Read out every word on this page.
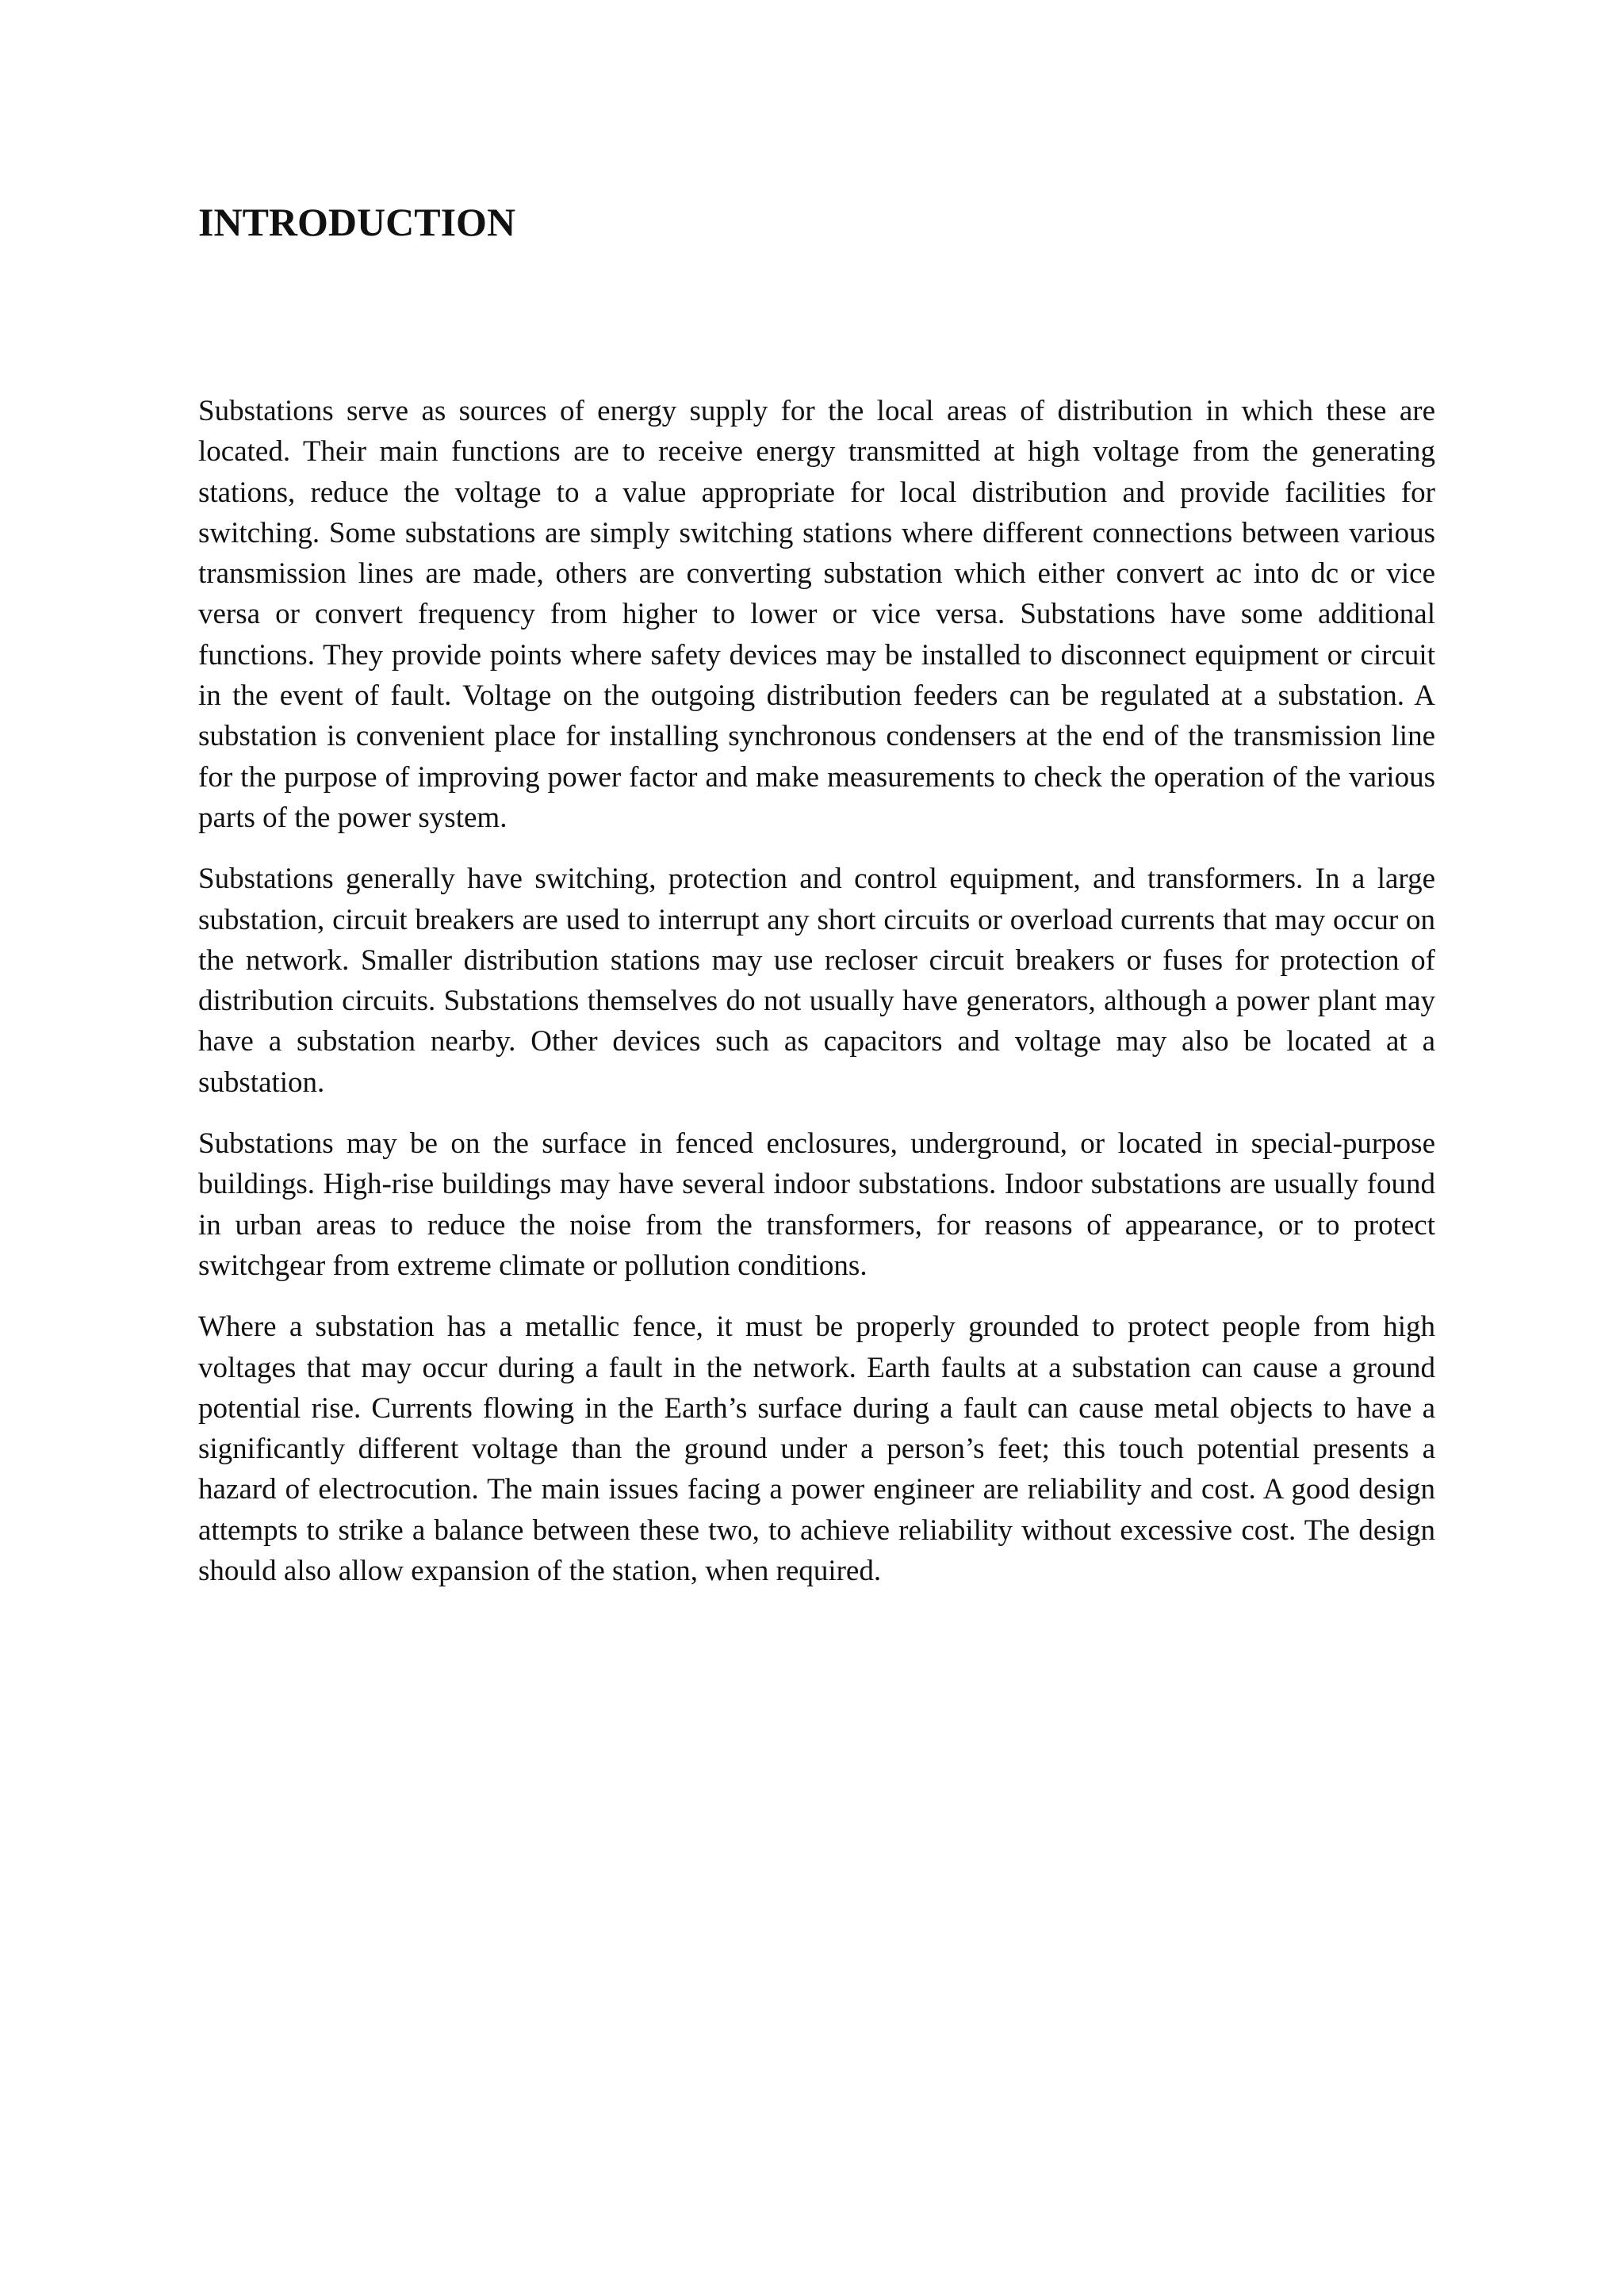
INTRODUCTION

Substations serve as sources of energy supply for the local areas of distribution in which these are located. Their main functions are to receive energy transmitted at high voltage from the generating stations, reduce the voltage to a value appropriate for local distribution and provide facilities for switching. Some substations are simply switching stations where different connections between various transmission lines are made, others are converting substation which either convert ac into dc or vice versa or convert frequency from higher to lower or vice versa. Substations have some additional functions. They provide points where safety devices may be installed to disconnect equipment or circuit in the event of fault. Voltage on the outgoing distribution feeders can be regulated at a substation. A substation is convenient place for installing synchronous condensers at the end of the transmission line for the purpose of improving power factor and make measurements to check the operation of the various parts of the power system.

Substations generally have switching, protection and control equipment, and transformers. In a large substation, circuit breakers are used to interrupt any short circuits or overload currents that may occur on the network. Smaller distribution stations may use recloser circuit breakers or fuses for protection of distribution circuits. Substations themselves do not usually have generators, although a power plant may have a substation nearby. Other devices such as capacitors and voltage may also be located at a substation.

Substations may be on the surface in fenced enclosures, underground, or located in special-purpose buildings. High-rise buildings may have several indoor substations. Indoor substations are usually found in urban areas to reduce the noise from the transformers, for reasons of appearance, or to protect switchgear from extreme climate or pollution conditions.

Where a substation has a metallic fence, it must be properly grounded to protect people from high voltages that may occur during a fault in the network. Earth faults at a substation can cause a ground potential rise. Currents flowing in the Earth’s surface during a fault can cause metal objects to have a significantly different voltage than the ground under a person’s feet; this touch potential presents a hazard of electrocution. The main issues facing a power engineer are reliability and cost. A good design attempts to strike a balance between these two, to achieve reliability without excessive cost. The design should also allow expansion of the station, when required.
